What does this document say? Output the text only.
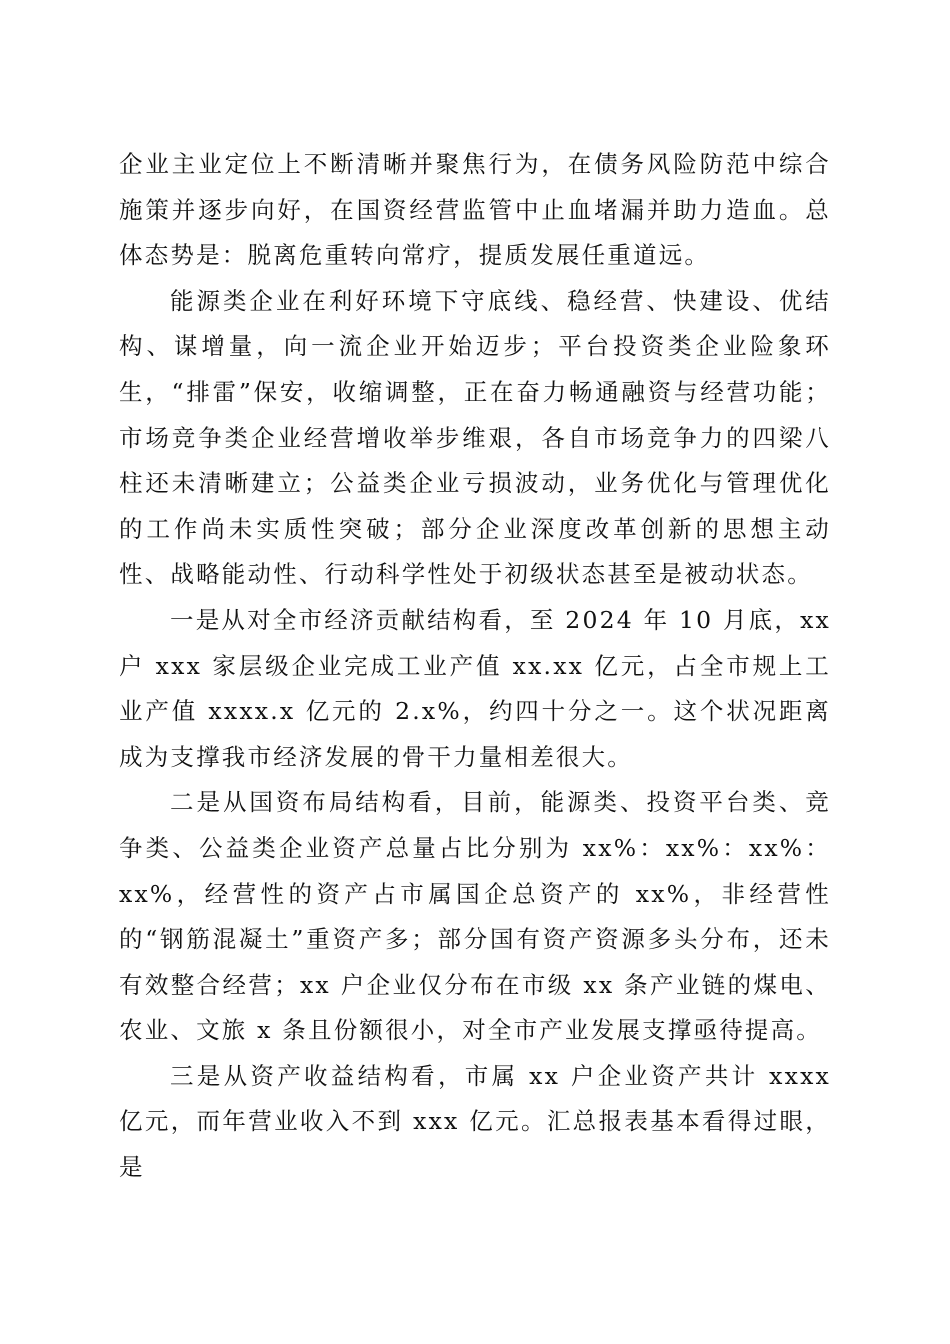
企业主业定位上不断清晰并聚焦行为，在债务风险防范中综合施策并逐步向好，在国资经营监管中止血堵漏并助力造血。总体态势是：脱离危重转向常疗，提质发展任重道远。

能源类企业在利好环境下守底线、稳经营、快建设、优结构、谋增量，向一流企业开始迈步；平台投资类企业险象环生，“排雷”保安，收缩调整，正在奋力畅通融资与经营功能；市场竞争类企业经营增收举步维艰，各自市场竞争力的四梁八柱还未清晰建立；公益类企业亏损波动，业务优化与管理优化的工作尚未实质性突破；部分企业深度改革创新的思想主动性、战略能动性、行动科学性处于初级状态甚至是被动状态。

一是从对全市经济贡献结构看，至 2024 年 10 月底，xx 户 xxx 家层级企业完成工业产值 xx.xx 亿元，占全市规上工业产值 xxxx.x 亿元的 2.x%，约四十分之一。这个状况距离成为支撑我市经济发展的骨干力量相差很大。

二是从国资布局结构看，目前，能源类、投资平台类、竞争类、公益类企业资产总量占比分别为 xx%：xx%：xx%：xx%，经营性的资产占市属国企总资产的 xx%，非经营性的“钢筋混凝土”重资产多；部分国有资产资源多头分布，还未有效整合经营；xx 户企业仅分布在市级 xx 条产业链的煤电、农业、文旅 x 条且份额很小，对全市产业发展支撑亟待提高。

三是从资产收益结构看，市属 xx 户企业资产共计 xxxx 亿元，而年营业收入不到 xxx 亿元。汇总报表基本看得过眼，是
